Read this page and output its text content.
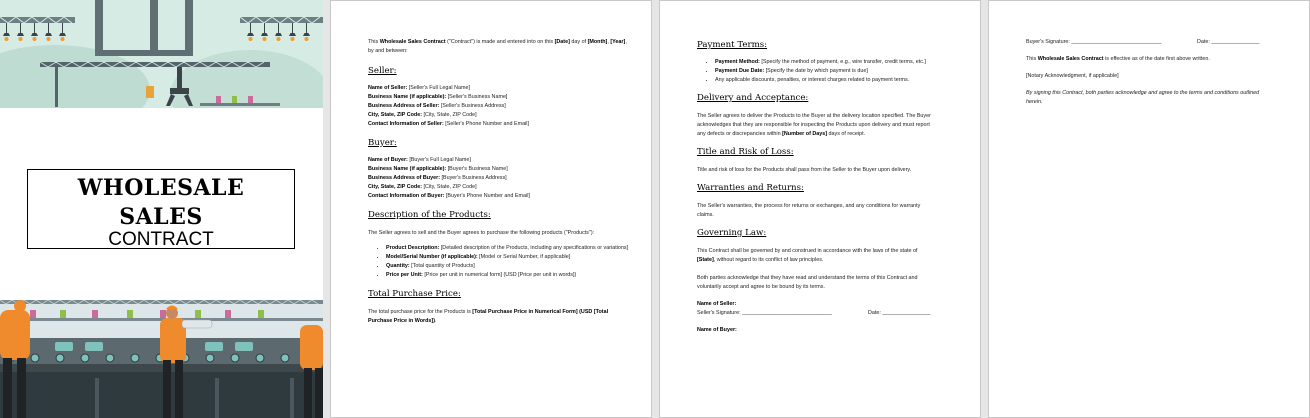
WHOLESALE
SALES
CONTRACT

This Wholesale Sales Contract ("Contract") is made and entered into on this [Date] day of [Month], [Year], by and between:

Seller:

Name of Seller: [Seller's Full Legal Name]

Business Name (if applicable): [Seller's Business Name]

Business Address of Seller: [Seller's Business Address]

City, State, ZIP Code: [City, State, ZIP Code]

Contact Information of Seller: [Seller's Phone Number and Email]

Buyer:

Name of Buyer: [Buyer's Full Legal Name]

Business Name (if applicable): [Buyer's Business Name]

Business Address of Buyer: [Buyer's Business Address]

City, State, ZIP Code: [City, State, ZIP Code]

Contact Information of Buyer: [Buyer's Phone Number and Email]

Description of the Products:

The Seller agrees to sell and the Buyer agrees to purchase the following products ("Products"):

• Product Description: [Detailed description of the Products, including any specifications or variations]
• Model/Serial Number (if applicable): [Model or Serial Number, if applicable]
• Quantity: [Total quantity of Products]
• Price per Unit: [Price per unit in numerical form] (USD [Price per unit in words])

Total Purchase Price:

The total purchase price for the Products is [Total Purchase Price in Numerical Form] (USD [Total Purchase Price in Words]).

Payment Terms:

• Payment Method: [Specify the method of payment, e.g., wire transfer, credit terms, etc.]
• Payment Due Date: [Specify the date by which payment is due]
• Any applicable discounts, penalties, or interest charges related to payment terms.

Delivery and Acceptance:

The Seller agrees to deliver the Products to the Buyer at the delivery location specified. The Buyer acknowledges that they are responsible for inspecting the Products upon delivery and must report any defects or discrepancies within [Number of Days] days of receipt.

Title and Risk of Loss:

Title and risk of loss for the Products shall pass from the Seller to the Buyer upon delivery.

Warranties and Returns:

The Seller's warranties, the process for returns or exchanges, and any conditions for warranty claims.

Governing Law:

This Contract shall be governed by and construed in accordance with the laws of the state of [State], without regard to its conflict of law principles.

Both parties acknowledge that they have read and understand the terms of this Contract and voluntarily accept and agree to be bound by its terms.

Name of Seller:

Seller's Signature: ______________________________	Date: ________________

Name of Buyer:

Buyer's Signature: ______________________________	Date: ________________

This Wholesale Sales Contract is effective as of the date first above written.

[Notary Acknowledgment, if applicable]

By signing this Contract, both parties acknowledge and agree to the terms and conditions outlined herein.
